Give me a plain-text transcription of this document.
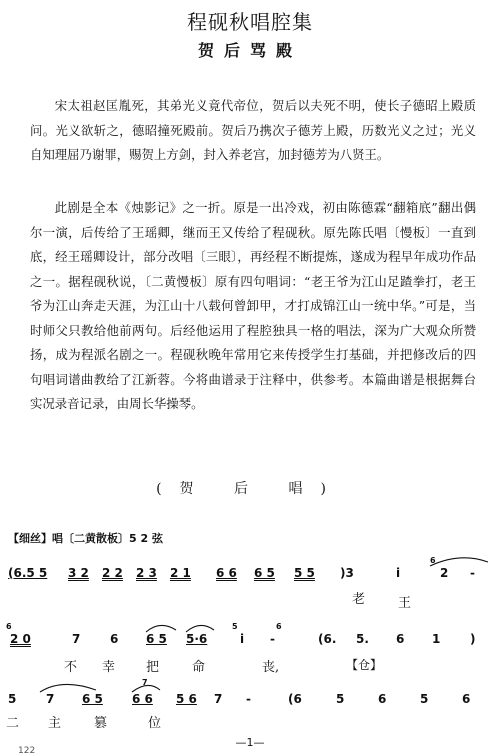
程砚秋唱腔集
贺后骂殿

宋太祖赵匡胤死，其弟光义竟代帝位，贺后以夫死不明，使长子德昭上殿质问。光义欲斩之，德昭撞死殿前。贺后乃携次子德芳上殿，历数光义之过；光义自知理屈乃谢罪，赐贺上方剑，封入养老宫，加封德芳为八贤王。

此剧是全本《烛影记》之一折。原是一出冷戏，初由陈德霖“翻箱底”翻出偶尔一演，后传给了王瑶卿，继而王又传给了程砚秋。原先陈氏唱〔慢板〕一直到底，经王瑶卿设计，部分改唱〔三眼〕，再经程不断提炼，遂成为程早年成功作品之一。据程砚秋说，〔二黄慢板〕原有四句唱词：“老王爷为江山足蹅拳打，老王爷为江山奔走天涯，为江山十八载何曾卸甲，才打成锦江山一统中华。”可是，当时师父只教给他前两句。后经他运用了程腔独具一格的唱法，深为广大观众所赞扬，成为程派名剧之一。程砚秋晚年常用它来传授学生打基础，并把修改后的四句唱词谱曲教给了江新蓉。今将曲谱录于注释中，供参考。本篇曲谱是根据舞台实况录音记录，由周长华操琴。

(贺 后 唱)
【细丝】唱〔二黄散板〕5 2 弦
(6.5 5 3 2 2 2 2 3 2 1 6 6 6 5 5 5 )3	i
6
2 -
老	王
6
2 0	7 6 6 5 5·6
5
i
6
-	(6. 5. 6 1 )
不 幸 把	命	丧,	【仓】
5 7 6 5
7
6 6 5 6 7 -	(6	5	6	5	6
二 主	篡	位
—1—
122
